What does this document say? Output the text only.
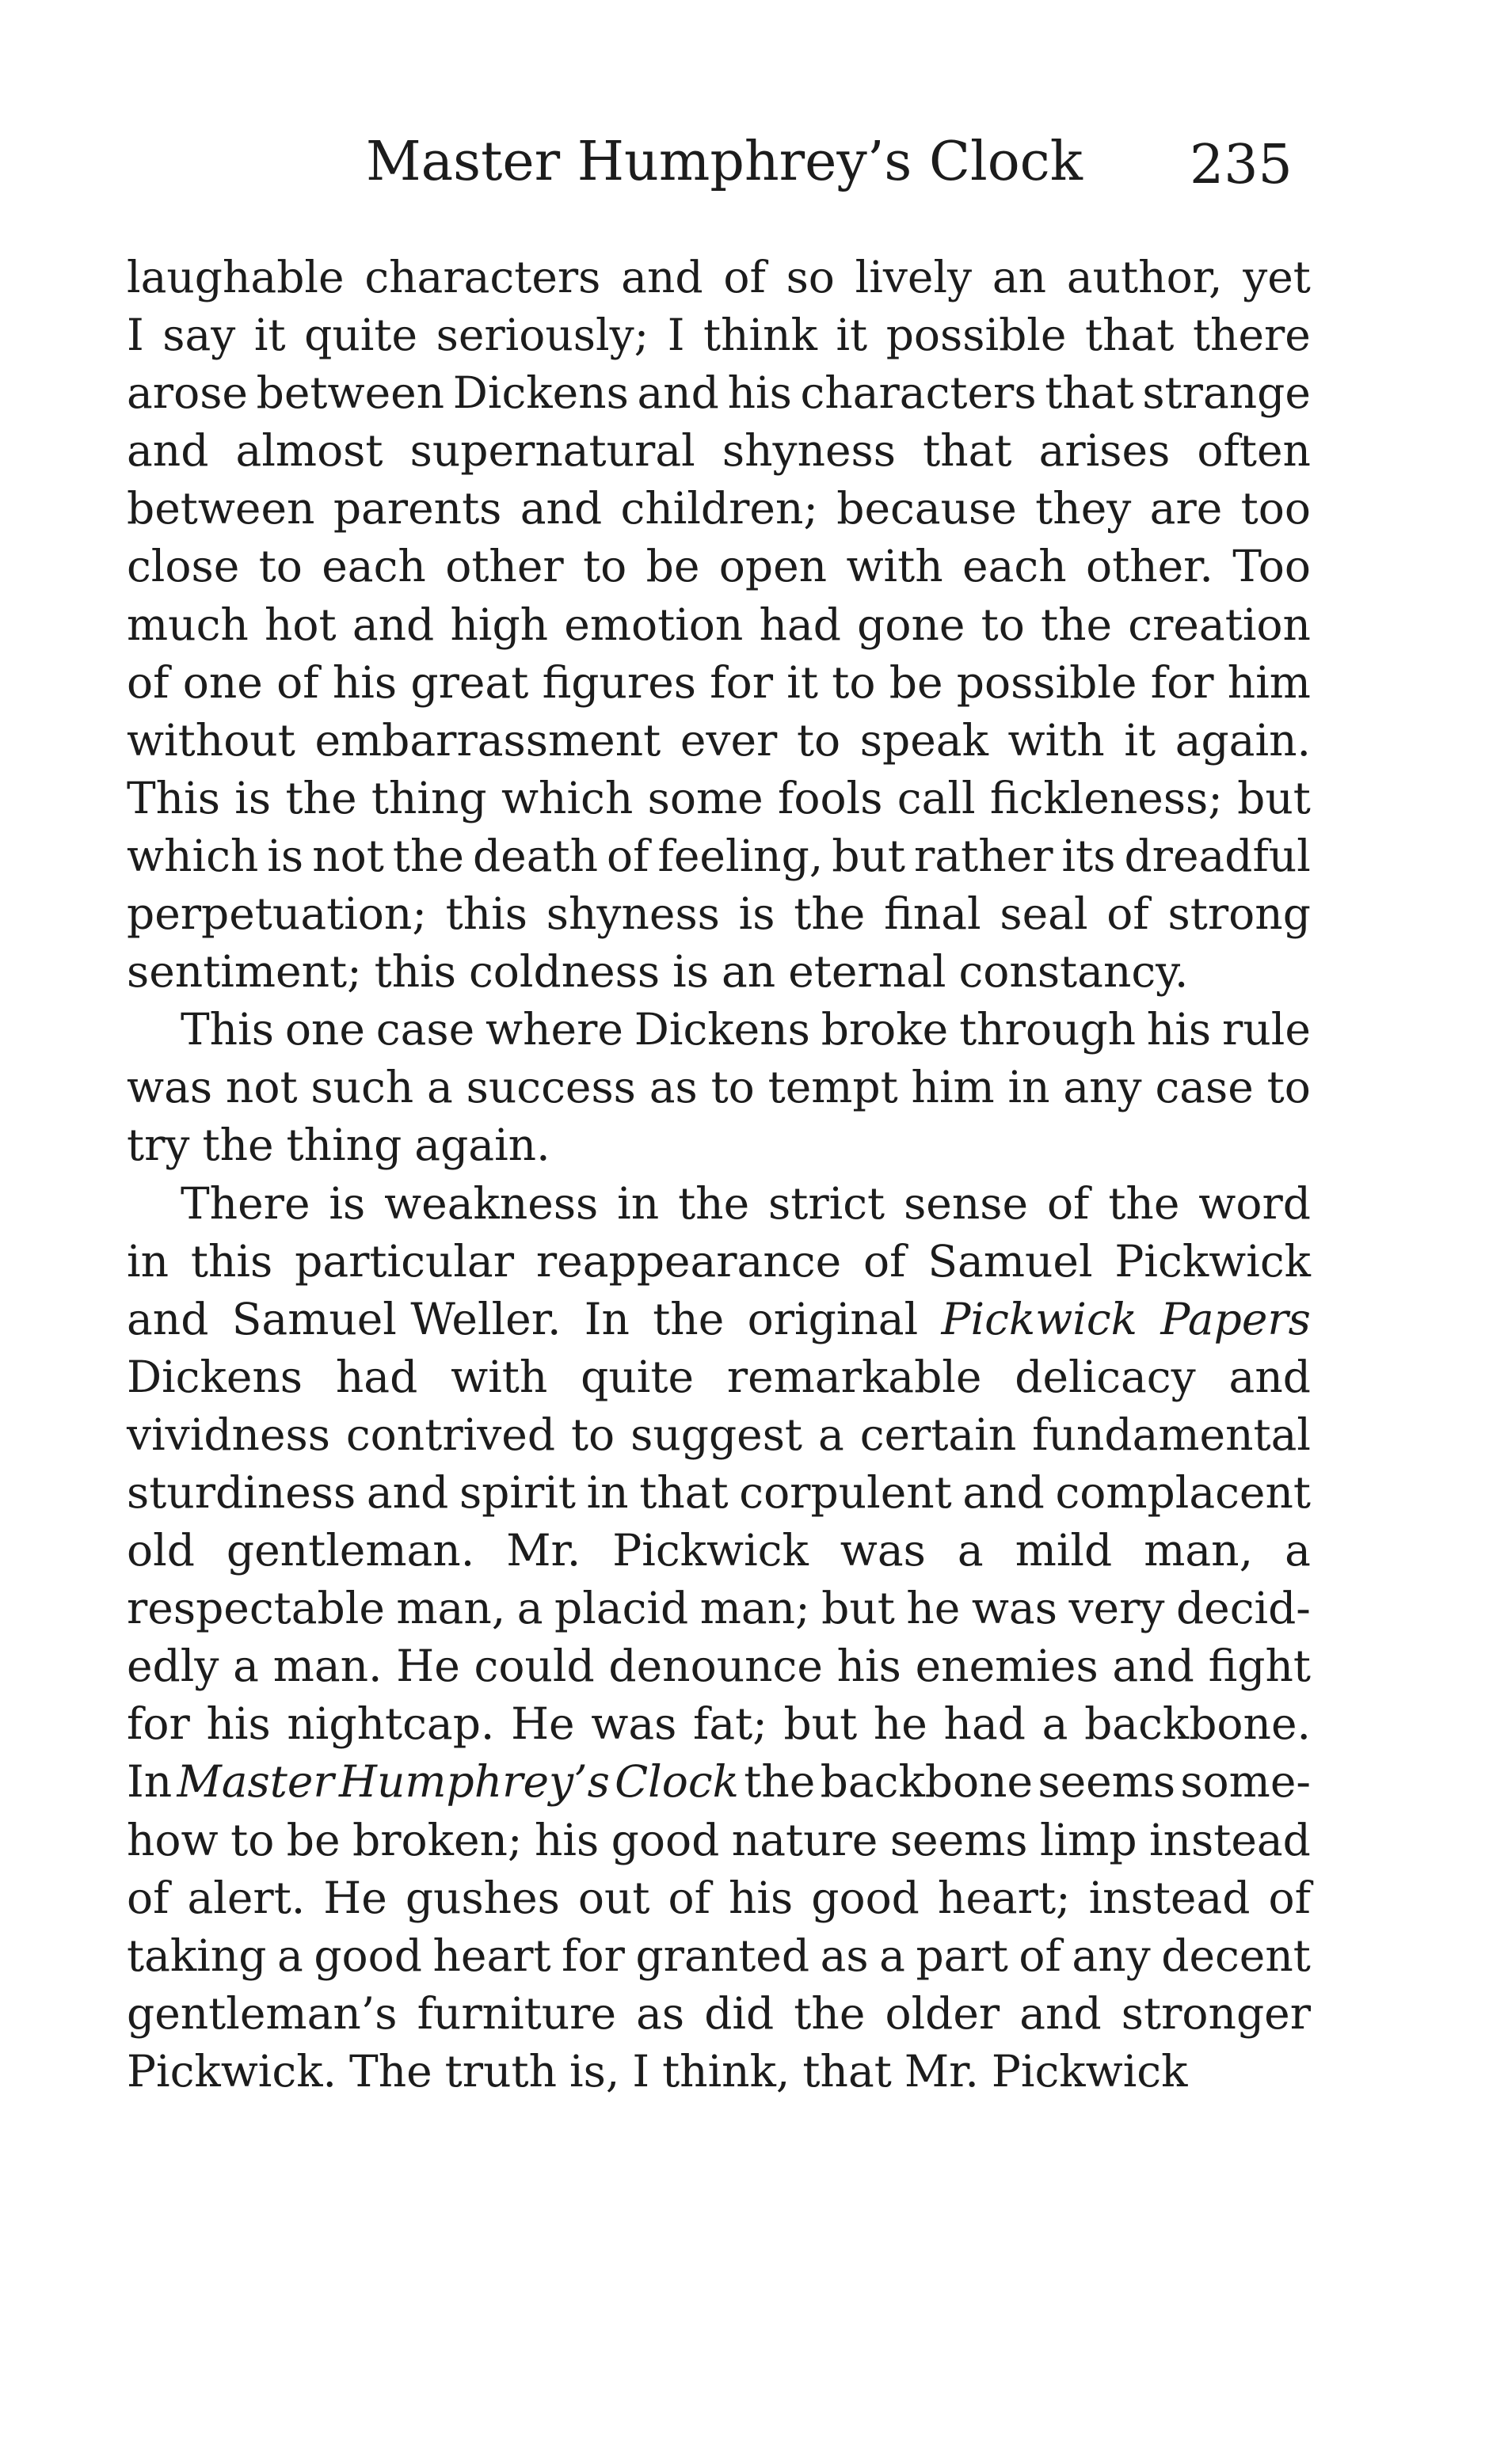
Master Humphrey’s Clock 235
laughable characters and of so lively an author, yet
I say it quite seriously; I think it possible that there
arose between Dickens and his characters that strange
and almost supernatural shyness that arises often
between parents and children; because they are too
close to each other to be open with each other. Too
much hot and high emotion had gone to the creation
of one of his great figures for it to be possible for him
without embarrassment ever to speak with it again.
This is the thing which some fools call fickleness; but
which is not the death of feeling, but rather its dreadful
perpetuation; this shyness is the final seal of strong
sentiment; this coldness is an eternal constancy.
This one case where Dickens broke through his rule
was not such a success as to tempt him in any case to
try the thing again.
There is weakness in the strict sense of the word
in this particular reappearance of Samuel Pickwick
and Samuel Weller. In the original Pickwick Papers
Dickens had with quite remarkable delicacy and
vividness contrived to suggest a certain fundamental
sturdiness and spirit in that corpulent and complacent
old gentleman. Mr. Pickwick was a mild man, a
respectable man, a placid man; but he was very decid-
edly a man. He could denounce his enemies and fight
for his nightcap. He was fat; but he had a backbone.
In Master Humphrey’s Clock the backbone seems some-
how to be broken; his good nature seems limp instead
of alert. He gushes out of his good heart; instead of
taking a good heart for granted as a part of any decent
gentleman’s furniture as did the older and stronger
Pickwick. The truth is, I think, that Mr. Pickwick
